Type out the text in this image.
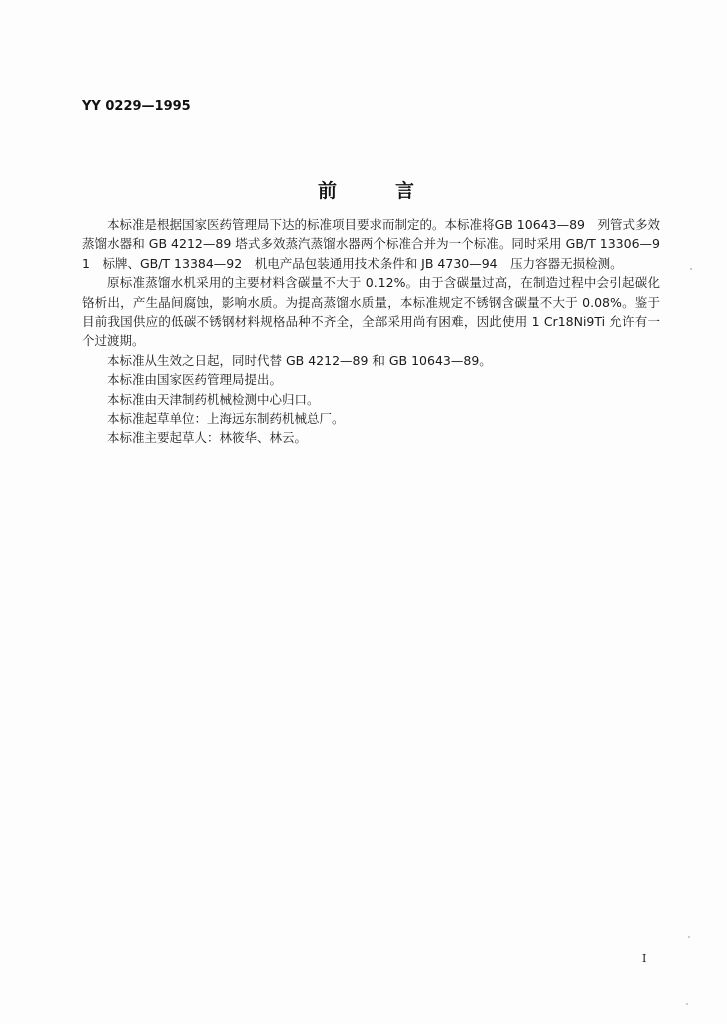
YY 0229—1995
前言

本标准是根据国家医药管理局下达的标准项目要求而制定的。本标准将GB 10643—89　列管式多效蒸馏水器和 GB 4212—89 塔式多效蒸汽蒸馏水器两个标准合并为一个标准。同时采用 GB/T 13306—91　标牌、GB/T 13384—92　机电产品包装通用技术条件和 JB 4730—94　压力容器无损检测。

原标准蒸馏水机采用的主要材料含碳量不大于 0.12%。由于含碳量过高，在制造过程中会引起碳化铬析出，产生晶间腐蚀，影响水质。为提高蒸馏水质量，本标准规定不锈钢含碳量不大于 0.08%。鉴于目前我国供应的低碳不锈钢材料规格品种不齐全，全部采用尚有困难，因此使用 1 Cr18Ni9Ti 允许有一个过渡期。

本标准从生效之日起，同时代替 GB 4212—89 和 GB 10643—89。

本标准由国家医药管理局提出。

本标准由天津制药机械检测中心归口。

本标准起草单位：上海远东制药机械总厂。

本标准主要起草人：林筱华、林云。

I
